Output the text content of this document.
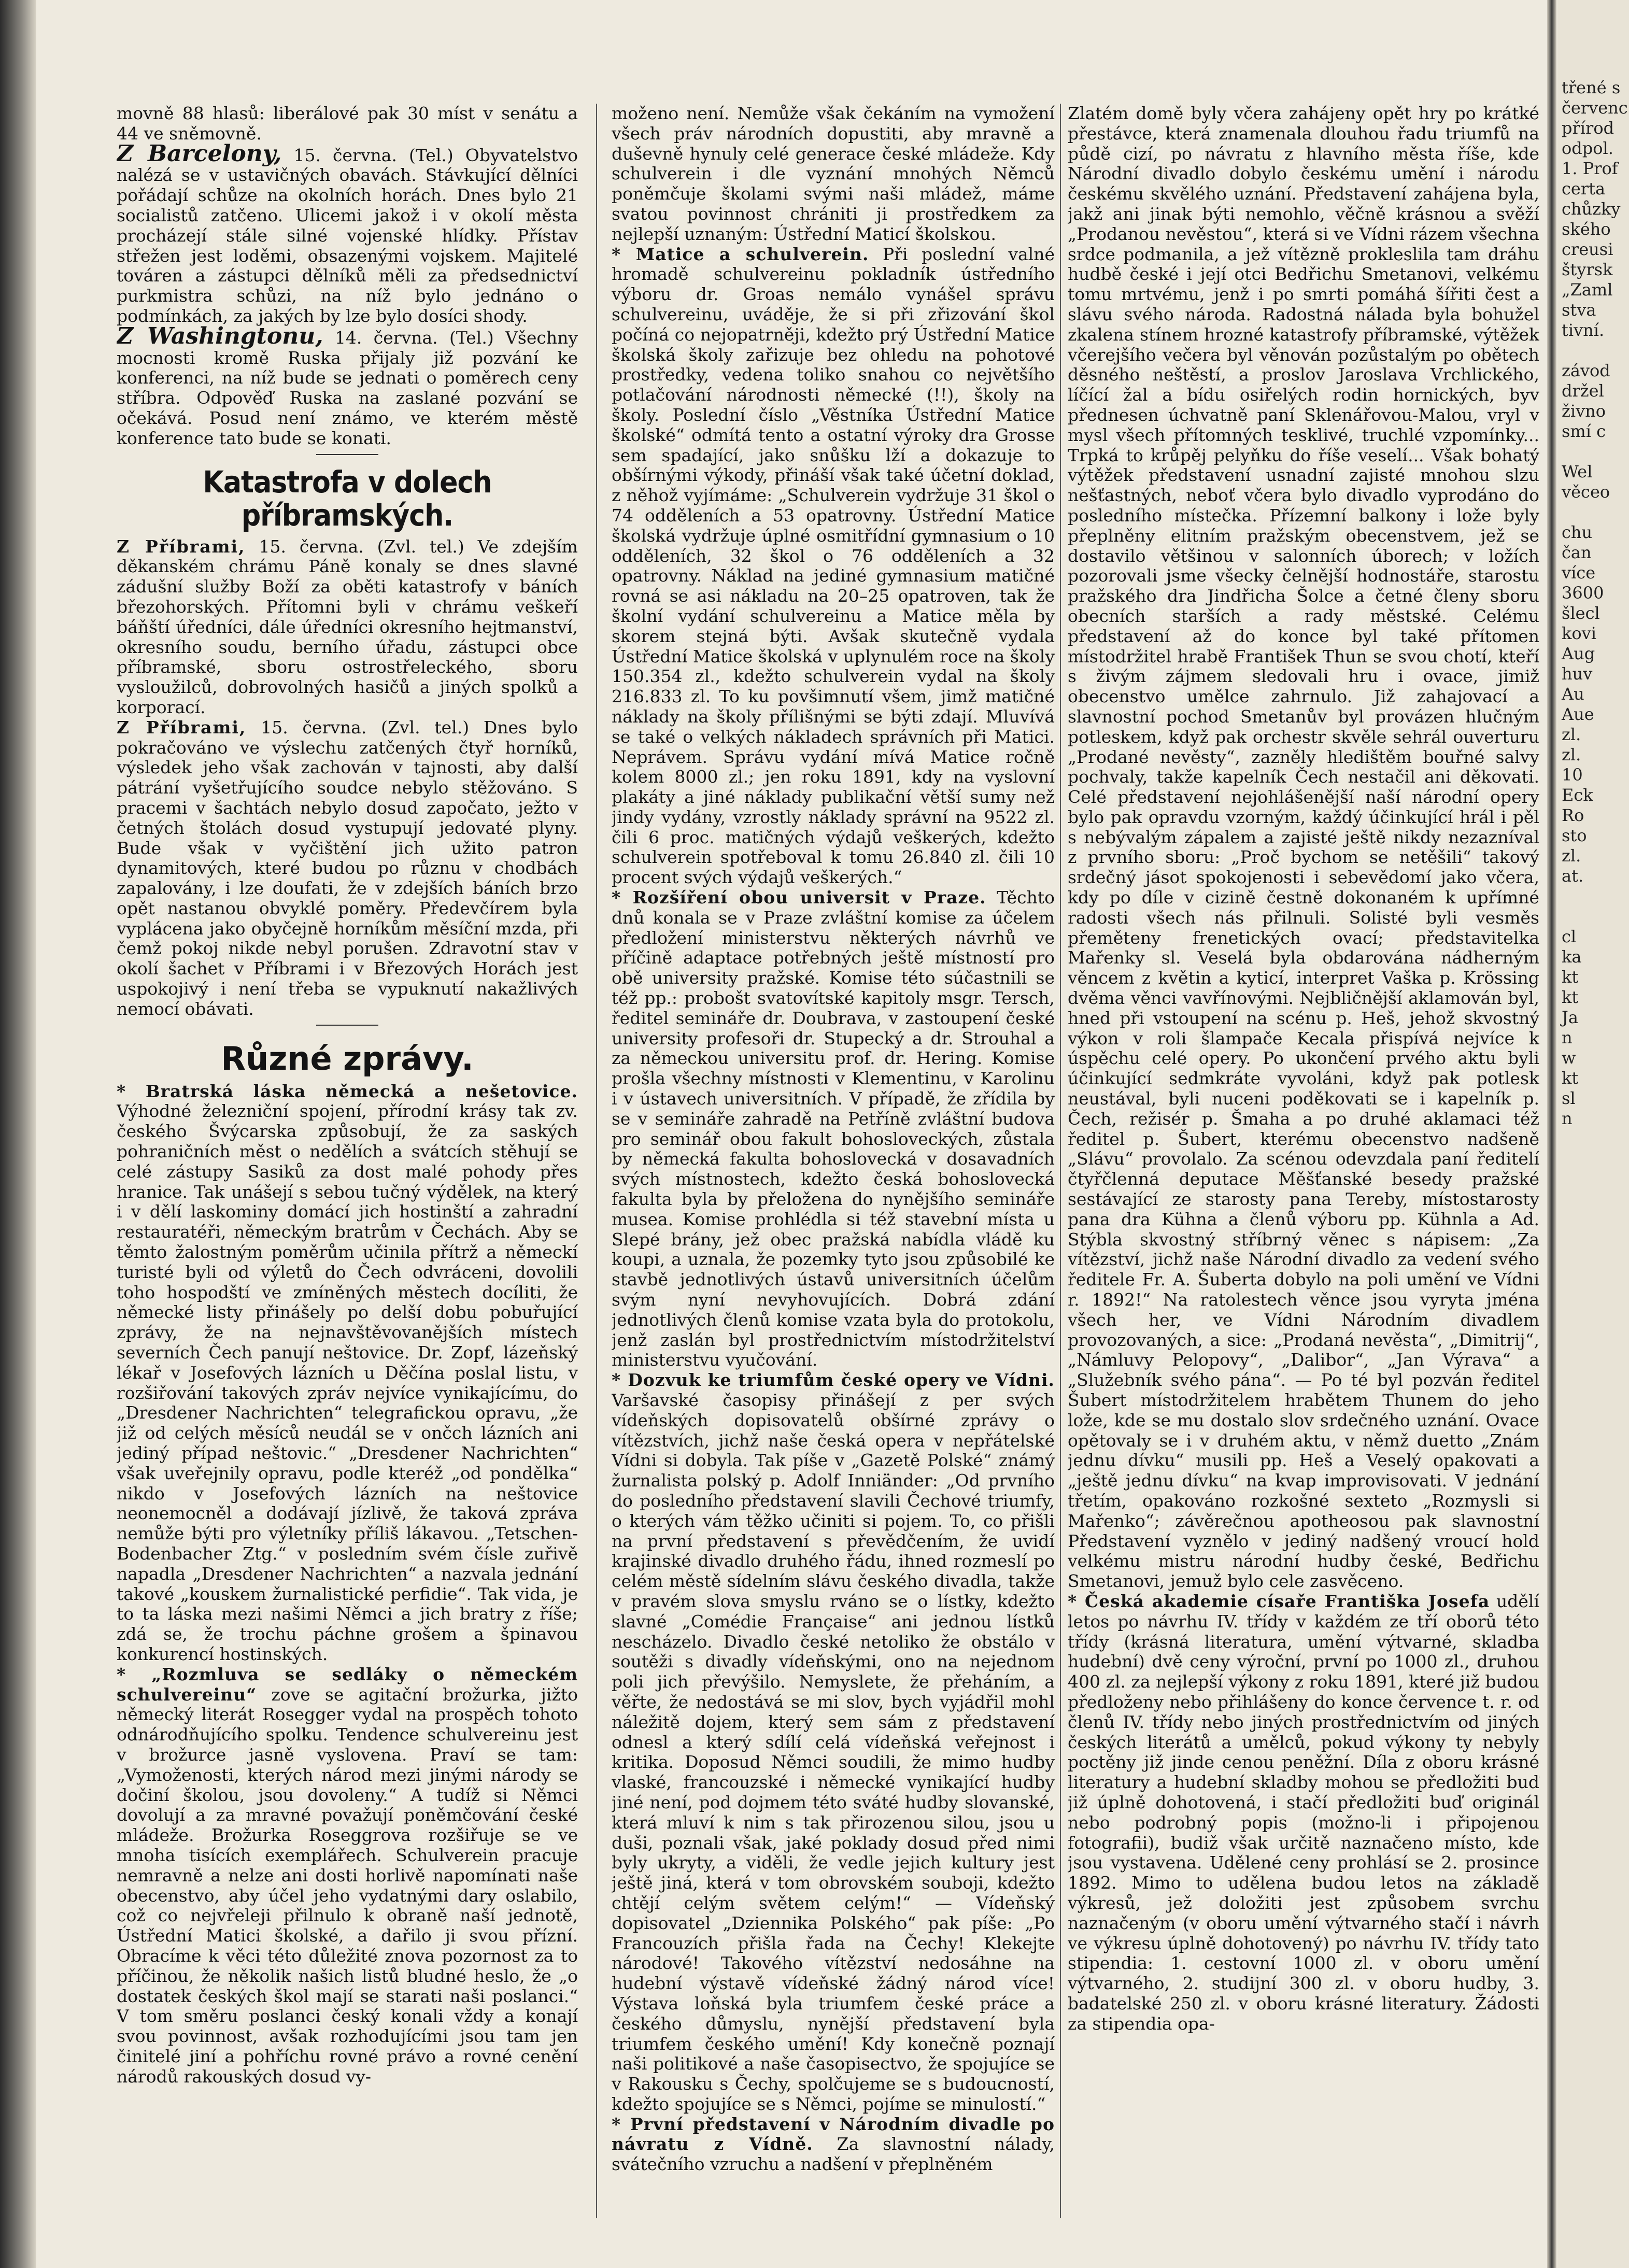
movně 88 hlasů: liberálové pak 30 míst v senátu a 44 ve sněmovně.

Z Barcelony, 15. června. (Tel.) Obyvatelstvo nalézá se v ustavičných obavách. Stávkující dělníci pořádají schůze na okolních horách. Dnes bylo 21 socialistů zatčeno. Ulicemi jakož i v okolí města procházejí stále silné vojenské hlídky. Přístav střežen jest loděmi, obsazenými vojskem. Majitelé továren a zástupci dělníků měli za předsednictví purkmistra schůzi, na níž bylo jednáno o podmínkách, za jakých by lze bylo dosíci shody.

Z Washingtonu, 14. června. (Tel.) Všechny mocnosti kromě Ruska přijaly již pozvání ke konferenci, na níž bude se jednati o poměrech ceny stříbra. Odpověď Ruska na zaslané pozvání se očekává. Posud není známo, ve kterém městě konference tato bude se konati.

Katastrofa v dolech příbramských.

Z Příbrami, 15. června. (Zvl. tel.) Ve zdejším děkanském chrámu Páně konaly se dnes slavné zádušní služby Boží za oběti katastrofy v báních březohorských. Přítomni byli v chrámu veškeří báňští úředníci, dále úředníci okresního hejtmanství, okresního soudu, berního úřadu, zástupci obce příbramské, sboru ostrostřeleckého, sboru vysloužilců, dobrovolných hasičů a jiných spolků a korporací.

Z Příbrami, 15. června. (Zvl. tel.) Dnes bylo pokračováno ve výslechu zatčených čtyř horníků, výsledek jeho však zachován v tajnosti, aby další pátrání vyšetřujícího soudce nebylo stěžováno. S pracemi v šachtách nebylo dosud započato, ježto v četných štolách dosud vystupují jedovaté plyny. Bude však v vyčištění jich užito patron dynamitových, které budou po různu v chodbách zapalovány, i lze doufati, že v zdejších báních brzo opět nastanou obvyklé poměry. Předevčírem byla vyplácena jako obyčejně horníkům měsíční mzda, při čemž pokoj nikde nebyl porušen. Zdravotní stav v okolí šachet v Příbrami i v Březových Horách jest uspokojivý i není třeba se vypuknutí nakažlivých nemocí obávati.

Různé zprávy.

* Bratrská láska německá a nešetovice. Výhodné železniční spojení, přírodní krásy tak zv. českého Švýcarska způsobují, že za saských pohraničních měst o nedělích a svátcích stěhují se celé zástupy Sasiků za dost malé pohody přes hranice. Tak unášejí s sebou tučný výdělek, na který i v dělí laskominy domácí jich hostinští a zahradní restauratéři, německým bratrům v Čechách. Aby se těmto žalostným poměrům učinila přítrž a německí turisté byli od výletů do Čech odvráceni, dovolili toho hospodští ve zmíněných městech docíliti, že německé listy přinášely po delší dobu pobuřující zprávy, že na nejnavštěvovanějších místech severních Čech panují neštovice. Dr. Zopf, lázeňský lékař v Josefových lázních u Děčína poslal listu, v rozšiřování takových zpráv nejvíce vynikajícímu, do „Dresdener Nachrichten“ telegrafickou opravu, „že již od celých měsíců neudál se v ončch lázních ani jediný případ neštovic.“ „Dresdener Nachrichten“ však uveřejnily opravu, podle kteréž „od pondělka“ nikdo v Josefových lázních na neštovice neonemocněl a dodávají jízlivě, že taková zpráva nemůže býti pro výletníky příliš lákavou. „Tetschen-Bodenbacher Ztg.“ v posledním svém čísle zuřivě napadla „Dresdener Nachrichten“ a nazvala jednání takové „kouskem žurnalistické perfidie“. Tak vida, je to ta láska mezi našimi Němci a jich bratry z říše; zdá se, že trochu páchne grošem a špinavou konkurencí hostinských.

* „Rozmluva se sedláky o německém schulvereinu“ zove se agitační brožurka, jižto německý literát Rosegger vydal na prospěch tohoto odnárodňujícího spolku. Tendence schulvereinu jest v brožurce jasně vyslovena. Praví se tam: „Vymoženosti, kterých národ mezi jinými národy se dočiní školou, jsou dovoleny.“ A tudíž si Němci dovolují a za mravné považují poněmčování české mládeže. Brožurka Roseggrova rozšiřuje se ve mnoha tisících exemplářech. Schulverein pracuje nemravně a nelze ani dosti horlivě napomínati naše obecenstvo, aby účel jeho vydatnými dary oslabilo, což co nejvřeleji přilnulo k obraně naší jednotě, Ústřední Matici školské, a dařilo ji svou přízní. Obracíme k věci této důležité znova pozornost za to příčinou, že několik našich listů bludné heslo, že „o dostatek českých škol mají se starati naši poslanci.“ V tom směru poslanci český konali vždy a konají svou povinnost, avšak rozhodujícími jsou tam jen činitelé jiní a pohříchu rovné právo a rovné cenění národů rakouských dosud vy-

moženo není. Nemůže však čekáním na vymožení všech práv národních dopustiti, aby mravně a duševně hynuly celé generace české mládeže. Kdy schulverein i dle vyznání mnohých Němců poněmčuje školami svými naši mládež, máme svatou povinnost chrániti ji prostředkem za nejlepší uznaným: Ústřední Maticí školskou.

* Matice a schulverein. Při poslední valné hromadě schulvereinu pokladník ústředního výboru dr. Groas nemálo vynášel správu schulvereinu, uváděje, že si při zřizování škol počíná co nejopatrněji, kdežto prý Ústřední Matice školská školy zařizuje bez ohledu na pohotové prostředky, vedena toliko snahou co největšího potlačování národnosti německé (!!), školy na školy. Poslední číslo „Věstníka Ústřední Matice školské“ odmítá tento a ostatní výroky dra Grosse sem spadající, jako snůšku lží a dokazuje to obšírnými výkody, přináší však také účetní doklad, z něhož vyjímáme: „Schulverein vydržuje 31 škol o 74 odděleních a 53 opatrovny. Ústřední Matice školská vydržuje úplné osmitřídní gymnasium o 10 odděleních, 32 škol o 76 odděleních a 32 opatrovny. Náklad na jediné gymnasium matičné rovná se asi nákladu na 20–25 opatroven, tak že školní vydání schulvereinu a Matice měla by skorem stejná býti. Avšak skutečně vydala Ústřední Matice školská v uplynulém roce na školy 150.354 zl., kdežto schulverein vydal na školy 216.833 zl. To ku povšimnutí všem, jimž matičné náklady na školy přílišnými se býti zdají. Mluvívá se také o velkých nákladech správních při Matici. Neprávem. Správu vydání mívá Matice ročně kolem 8000 zl.; jen roku 1891, kdy na vyslovní plakáty a jiné náklady publikační větší sumy než jindy vydány, vzrostly náklady správní na 9522 zl. čili 6 proc. matičných výdajů veškerých, kdežto schulverein spotřeboval k tomu 26.840 zl. čili 10 procent svých výdajů veškerých.“

* Rozšíření obou universit v Praze. Těchto dnů konala se v Praze zvláštní komise za účelem předložení ministerstvu některých návrhů ve příčině adaptace potřebných ještě místností pro obě university pražské. Komise této súčastnili se též pp.: probošt svatovítské kapitoly msgr. Tersch, ředitel semináře dr. Doubrava, v zastoupení české university profesoři dr. Stupecký a dr. Strouhal a za německou universitu prof. dr. Hering. Komise prošla všechny místnosti v Klementinu, v Karolinu i v ústavech universitních. V případě, že zřídila by se v semináře zahradě na Petříně zvláštní budova pro seminář obou fakult bohosloveckých, zůstala by německá fakulta bohoslovecká v dosavadních svých místnostech, kdežto česká bohoslovecká fakulta byla by přeložena do nynějšího semináře musea. Komise prohlédla si též stavební místa u Slepé brány, jež obec pražská nabídla vládě ku koupi, a uznala, že pozemky tyto jsou způsobilé ke stavbě jednotlivých ústavů universitních účelům svým nyní nevyhovujících. Dobrá zdání jednotlivých členů komise vzata byla do protokolu, jenž zaslán byl prostřednictvím místodržitelství ministerstvu vyučování.

* Dozvuk ke triumfům české opery ve Vídni. Varšavské časopisy přinášejí z per svých vídeňských dopisovatelů obšírné zprávy o vítězstvích, jichž naše česká opera v nepřátelské Vídni si dobyla. Tak píše v „Gazetě Polské“ známý žurnalista polský p. Adolf Inniänder: „Od prvního do posledního představení slavili Čechové triumfy, o kterých vám těžko učiniti si pojem. To, co přišli na první představení s převědčením, že uvidí krajinské divadlo druhého řádu, ihned rozmeslí po celém městě sídelním slávu českého divadla, takže v pravém slova smyslu rváno se o lístky, kdežto slavné „Comédie Française“ ani jednou lístků nescházelo. Divadlo české netoliko že obstálo v soutěži s divadly vídeňskými, ono na nejednom poli jich převýšilo. Nemyslete, že přeháním, a věřte, že nedostává se mi slov, bych vyjádřil mohl náležitě dojem, který sem sám z představení odnesl a který sdílí celá vídeňská veřejnost i kritika. Doposud Němci soudili, že mimo hudby vlaské, francouzské i německé vynikající hudby jiné není, pod dojmem této sváté hudby slovanské, která mluví k nim s tak přirozenou silou, jsou u duši, poznali však, jaké poklady dosud před nimi byly ukryty, a viděli, že vedle jejich kultury jest ještě jiná, která v tom obrovském souboji, kdežto chtějí celým světem celým!“ — Vídeňský dopisovatel „Dziennika Polského“ pak píše: „Po Francouzích přišla řada na Čechy! Klekejte národové! Takového vítězství nedosáhne na hudební výstavě vídeňské žádný národ více! Výstava loňská byla triumfem české práce a českého důmyslu, nynější představení byla triumfem českého umění! Kdy konečně poznají naši politikové a naše časopisectvo, že spojujíce se v Rakousku s Čechy, spolčujeme se s budoucností, kdežto spojujíce se s Němci, pojíme se minulostí.“

* První představení v Národním divadle po návratu z Vídně. Za slavnostní nálady, svátečního vzruchu a nadšení v přeplněném

Zlatém domě byly včera zahájeny opět hry po krátké přestávce, která znamenala dlouhou řadu triumfů na půdě cizí, po návratu z hlavního města říše, kde Národní divadlo dobylo českému umění i národu českému skvělého uznání. Představení zahájena byla, jakž ani jinak býti nemohlo, věčně krásnou a svěží „Prodanou nevěstou“, která si ve Vídni rázem všechna srdce podmanila, a jež vítězně prokleslila tam dráhu hudbě české i její otci Bedřichu Smetanovi, velkému tomu mrtvému, jenž i po smrti pomáhá šířiti čest a slávu svého národa. Radostná nálada byla bohužel zkalena stínem hrozné katastrofy příbramské, výtěžek včerejšího večera byl věnován pozůstalým po obětech děsného neštěstí, a proslov Jaroslava Vrchlického, líčící žal a bídu osiřelých rodin hornických, byv přednesen úchvatně paní Sklenářovou-Malou, vryl v mysl všech přítomných tesklivé, truchlé vzpomínky... Trpká to krůpěj pelyňku do říše veselí... Však bohatý výtěžek představení usnadní zajisté mnohou slzu nešťastných, neboť včera bylo divadlo vyprodáno do posledního místečka. Přízemní balkony i lože byly přeplněny elitním pražským obecenstvem, jež se dostavilo většinou v salonních úborech; v ložích pozorovali jsme všecky čelnější hodnostáře, starostu pražského dra Jindřicha Šolce a četné členy sboru obecních starších a rady městské. Celému představení až do konce byl také přítomen místodržitel hrabě František Thun se svou chotí, kteří s živým zájmem sledovali hru i ovace, jimiž obecenstvo umělce zahrnulo. Již zahajovací a slavnostní pochod Smetanův byl provázen hlučným potleskem, když pak orchestr skvěle sehrál ouverturu „Prodané nevěsty“, zazněly hledištěm bouřné salvy pochvaly, takže kapelník Čech nestačil ani děkovati. Celé představení nejohlášenější naší národní opery bylo pak opravdu vzorným, každý účinkující hrál i pěl s nebývalým zápalem a zajisté ještě nikdy nezazníval z prvního sboru: „Proč bychom se netěšili“ takový srdečný jásot spokojenosti i sebevědomí jako včera, kdy po díle v cizině čestně dokonaném k upřímné radosti všech nás přilnuli. Solisté byli vesměs přeměteny frenetických ovací; představitelka Mařenky sl. Veselá byla obdarována nádherným věncem z květin a kyticí, interpret Vaška p. Krössing dvěma věnci vavřínovými. Nejbličnější aklamován byl, hned při vstoupení na scénu p. Heš, jehož skvostný výkon v roli šlampače Kecala přispívá nejvíce k úspěchu celé opery. Po ukončení prvého aktu byli účinkující sedmkráte vyvoláni, když pak potlesk neustával, byli nuceni poděkovati se i kapelník p. Čech, režisér p. Šmaha a po druhé aklamaci též ředitel p. Šubert, kterému obecenstvo nadšeně „Slávu“ provolalo. Za scénou odevzdala paní ředitelí čtyřčlenná deputace Měšťanské besedy pražské sestávající ze starosty pana Tereby, místostarosty pana dra Kühna a členů výboru pp. Kühnla a Ad. Stýbla skvostný stříbrný věnec s nápisem: „Za vítězství, jichž naše Národní divadlo za vedení svého ředitele Fr. A. Šuberta dobylo na poli umění ve Vídni r. 1892!“ Na ratolestech věnce jsou vyryta jména všech her, ve Vídni Národním divadlem provozovaných, a sice: „Prodaná nevěsta“, „Dimitrij“, „Námluvy Pelopovy“, „Dalibor“, „Jan Výrava“ a „Služebník svého pána“. — Po té byl pozván ředitel Šubert místodržitelem hrabětem Thunem do jeho lože, kde se mu dostalo slov srdečného uznání. Ovace opětovaly se i v druhém aktu, v němž duetto „Znám jednu dívku“ musili pp. Heš a Veselý opakovati a „ještě jednu dívku“ na kvap improvisovati. V jednání třetím, opakováno rozkošné sexteto „Rozmysli si Mařenko“; závěrečnou apotheosou pak slavnostní Představení vyznělo v jediný nadšený vroucí hold velkému mistru národní hudby české, Bedřichu Smetanovi, jemuž bylo cele zasvěceno.

* Česká akademie císaře Františka Josefa udělí letos po návrhu IV. třídy v každém ze tří oborů této třídy (krásná literatura, umění výtvarné, skladba hudební) dvě ceny výroční, první po 1000 zl., druhou 400 zl. za nejlepší výkony z roku 1891, které již budou předloženy nebo přihlášeny do konce července t. r. od členů IV. třídy nebo jiných prostřednictvím od jiných českých literátů a umělců, pokud výkony ty nebyly poctěny již jinde cenou peněžní. Díla z oboru krásné literatury a hudební skladby mohou se předložiti buď již úplně dohotovená, i stačí předložiti buď originál nebo podrobný popis (možno-li i připojenou fotografii), budiž však určitě naznačeno místo, kde jsou vystavena. Udělené ceny prohlásí se 2. prosince 1892. Mimo to udělena budou letos na základě výkresů, jež doložiti jest způsobem svrchu naznačeným (v oboru umění výtvarného stačí i návrh ve výkresu úplně dohotovený) po návrhu IV. třídy tato stipendia: 1. cestovní 1000 zl. v oboru umění výtvarného, 2. studijní 300 zl. v oboru hudby, 3. badatelské 250 zl. v oboru krásné literatury. Žádosti za stipendia opa-

třené s
červenc
přírod
odpol.
1. Prof
certa
chůzky
ského
creusi
štyrsk
„Zaml
stva
tivní.

závod
držel
živno
smí c

Wel
věceo

chu
čan
více
3600
šlecl
kovi
Aug
huv
Au
Aue
zl.
zl.
10
Eck
Ro
sto
zl.
at.

cl
ka
kt
kt
Ja
n
w
kt
sl
n
